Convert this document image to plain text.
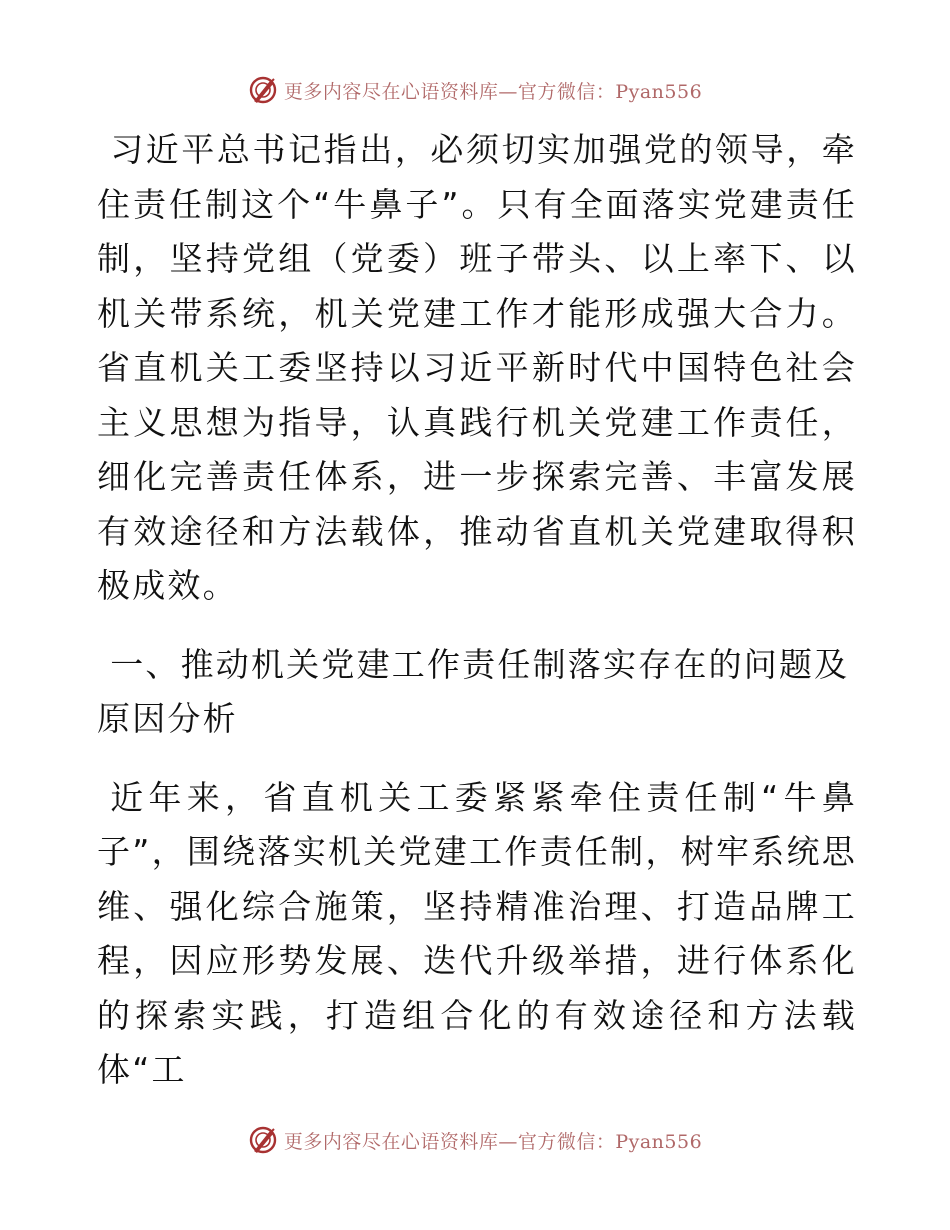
更多内容尽在心语资料库—官方微信：Pyan556

习近平总书记指出，必须切实加强党的领导，牵住责任制这个“牛鼻子”。只有全面落实党建责任制，坚持党组（党委）班子带头、以上率下、以机关带系统，机关党建工作才能形成强大合力。省直机关工委坚持以习近平新时代中国特色社会主义思想为指导，认真践行机关党建工作责任，细化完善责任体系，进一步探索完善、丰富发展有效途径和方法载体，推动省直机关党建取得积极成效。

一、推动机关党建工作责任制落实存在的问题及原因分析

近年来，省直机关工委紧紧牵住责任制“牛鼻子”，围绕落实机关党建工作责任制，树牢系统思维、强化综合施策，坚持精准治理、打造品牌工程，因应形势发展、迭代升级举措，进行体系化的探索实践，打造组合化的有效途径和方法载体“工

更多内容尽在心语资料库—官方微信：Pyan556
